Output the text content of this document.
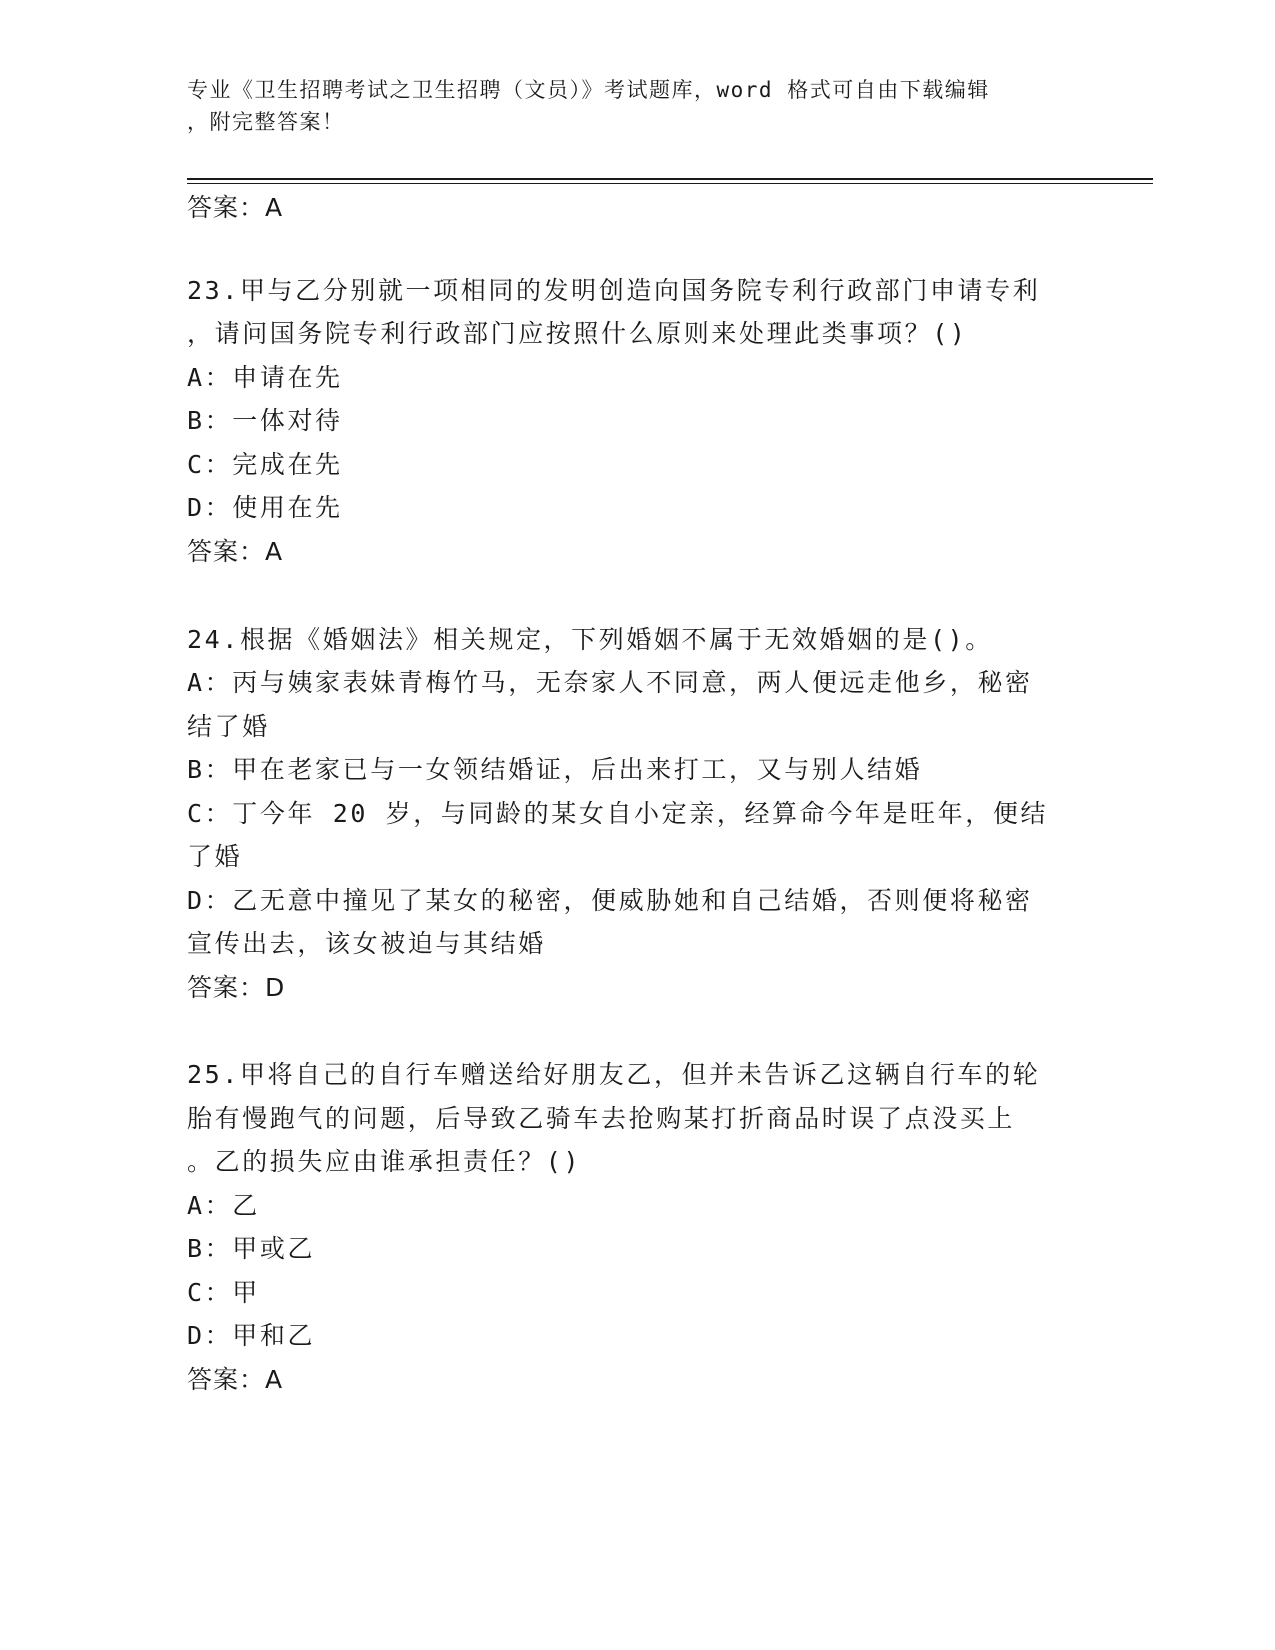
专业《卫生招聘考试之卫生招聘（文员）》考试题库，word 格式可自由下载编辑
，附完整答案！
答案：A
23.甲与乙分别就一项相同的发明创造向国务院专利行政部门申请专利
，请问国务院专利行政部门应按照什么原则来处理此类事项？()
A：申请在先
B：一体对待
C：完成在先
D：使用在先
答案：A
24.根据《婚姻法》相关规定，下列婚姻不属于无效婚姻的是()。
A：丙与姨家表妹青梅竹马，无奈家人不同意，两人便远走他乡，秘密
结了婚
B：甲在老家已与一女领结婚证，后出来打工，又与别人结婚
C：丁今年 20 岁，与同龄的某女自小定亲，经算命今年是旺年，便结
了婚
D：乙无意中撞见了某女的秘密，便威胁她和自己结婚，否则便将秘密
宣传出去，该女被迫与其结婚
答案：D
25.甲将自己的自行车赠送给好朋友乙，但并未告诉乙这辆自行车的轮
胎有慢跑气的问题，后导致乙骑车去抢购某打折商品时误了点没买上
。乙的损失应由谁承担责任？()
A：乙
B：甲或乙
C：甲
D：甲和乙
答案：A
